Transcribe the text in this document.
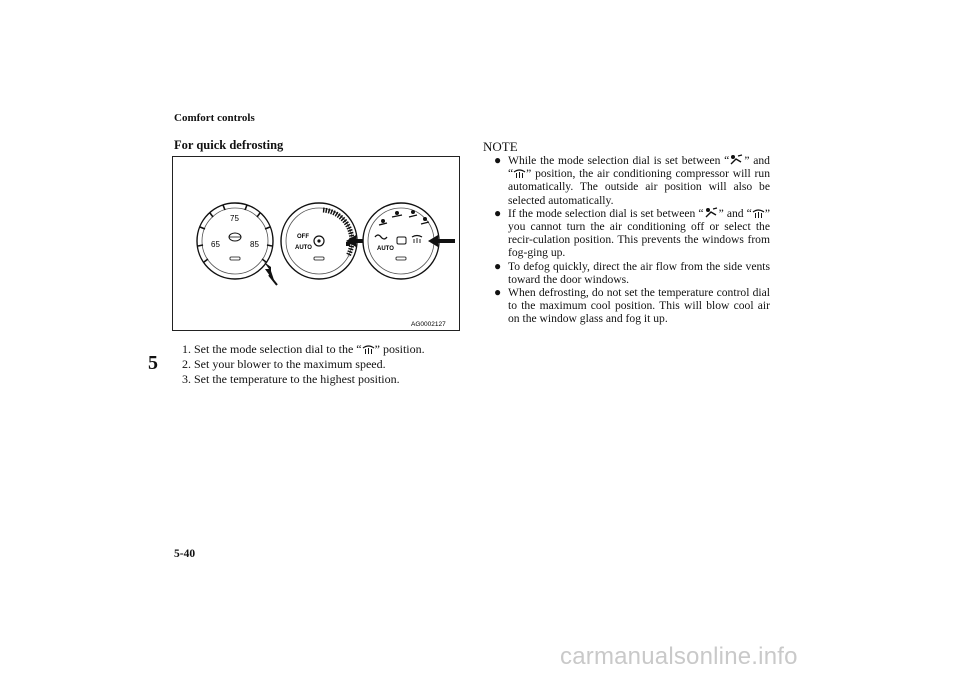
5
Comfort controls
For quick defrosting
65
75
85
OFF
AUTO	AUTO
AG0002127
1. Set the mode selection dial to the “ ” position.
2. Set your blower to the maximum speed.
3. Set the temperature to the highest position.
NOTE
● While the mode selection dial is set between “ ” and “ ” position, the air conditioning compressor will run automatically. The outside air position will also be selected automatically.
● If the mode selection dial is set between “ ” and “ ” you cannot turn the air conditioning off or select the recir-culation position. This prevents the windows from fog-ging up.
● To defog quickly, direct the air flow from the side vents toward the door windows.
● When defrosting, do not set the temperature control dial to the maximum cool position. This will blow cool air on the window glass and fog it up.
5-40
carmanualsonline.info
